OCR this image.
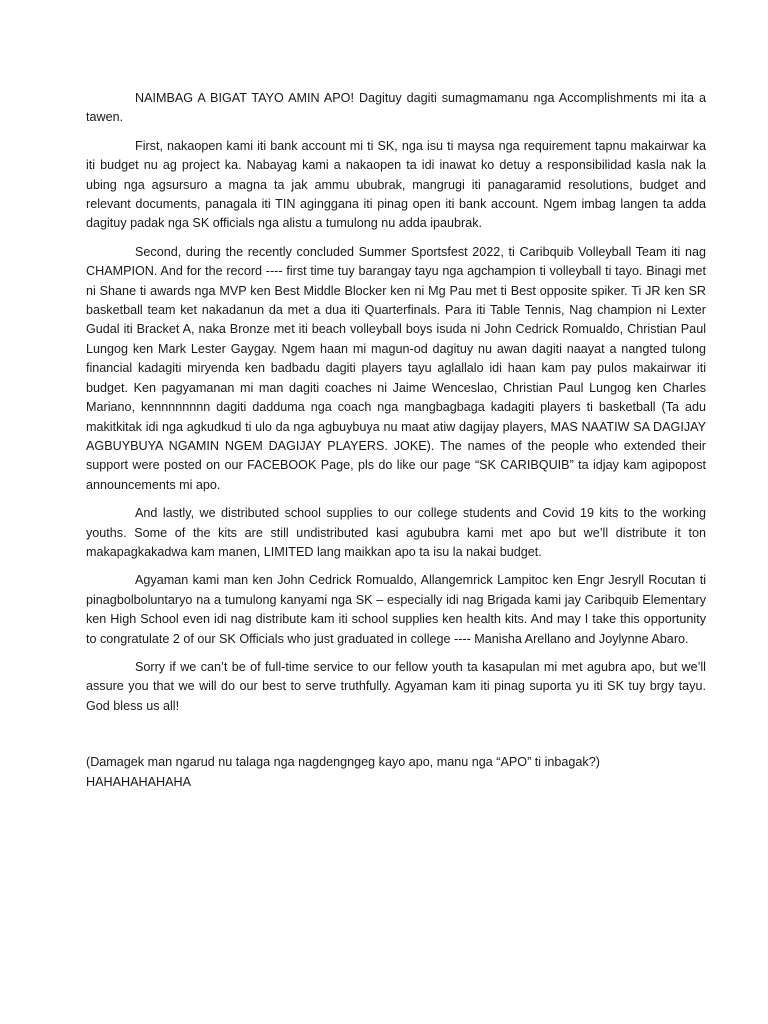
NAIMBAG A BIGAT TAYO AMIN APO! Dagituy dagiti sumagmamanu nga Accomplishments mi ita a tawen.

First, nakaopen kami iti bank account mi ti SK, nga isu ti maysa nga requirement tapnu makairwar ka iti budget nu ag project ka. Nabayag kami a nakaopen ta idi inawat ko detuy a responsibilidad kasla nak la ubing nga agsursuro a magna ta jak ammu ububrak, mangrugi iti panagaramid resolutions, budget and relevant documents, panagala iti TIN aginggana iti pinag open iti bank account. Ngem imbag langen ta adda dagituy padak nga SK officials nga alistu a tumulong nu adda ipaubrak.

Second, during the recently concluded Summer Sportsfest 2022, ti Caribquib Volleyball Team iti nag CHAMPION. And for the record ---- first time tuy barangay tayu nga agchampion ti volleyball ti tayo. Binagi met ni Shane ti awards nga MVP ken Best Middle Blocker ken ni Mg Pau met ti Best opposite spiker. Ti JR ken SR basketball team ket nakadanun da met a dua iti Quarterfinals. Para iti Table Tennis, Nag champion ni Lexter Gudal iti Bracket A, naka Bronze met iti beach volleyball boys isuda ni John Cedrick Romualdo, Christian Paul Lungog ken Mark Lester Gaygay. Ngem haan mi magun-od dagituy nu awan dagiti naayat a nangted tulong financial kadagiti miryenda ken badbadu dagiti players tayu aglallalo idi haan kam pay pulos makairwar iti budget. Ken pagyamanan mi man dagiti coaches ni Jaime Wenceslao, Christian Paul Lungog ken Charles Mariano, kennnnnnnn dagiti dadduma nga coach nga mangbagbaga kadagiti players ti basketball (Ta adu makitkitak idi nga agkudkud ti ulo da nga agbuybuya nu maat atiw dagijay players, MAS NAATIW SA DAGIJAY AGBUYBUYA NGAMIN NGEM DAGIJAY PLAYERS. JOKE). The names of the people who extended their support were posted on our FACEBOOK Page, pls do like our page “SK CARIBQUIB” ta idjay kam agipopost announcements mi apo.

And lastly, we distributed school supplies to our college students and Covid 19 kits to the working youths. Some of the kits are still undistributed kasi agububra kami met apo but we’ll distribute it ton makapagkakadwa kam manen, LIMITED lang maikkan apo ta isu la nakai budget.

Agyaman kami man ken John Cedrick Romualdo, Allangemrick Lampitoc ken Engr Jesryll Rocutan ti pinagbolboluntaryo na a tumulong kanyami nga SK – especially idi nag Brigada kami jay Caribquib Elementary ken High School even idi nag distribute kam iti school supplies ken health kits. And may I take this opportunity to congratulate 2 of our SK Officials who just graduated in college ---- Manisha Arellano and Joylynne Abaro.

Sorry if we can’t be of full-time service to our fellow youth ta kasapulan mi met agubra apo, but we’ll assure you that we will do our best to serve truthfully. Agyaman kam iti pinag suporta yu iti SK tuy brgy tayu. God bless us all!

(Damagek man ngarud nu talaga nga nagdengngeg kayo apo, manu nga “APO” ti inbagak?)
HAHAHAHAHAHA
